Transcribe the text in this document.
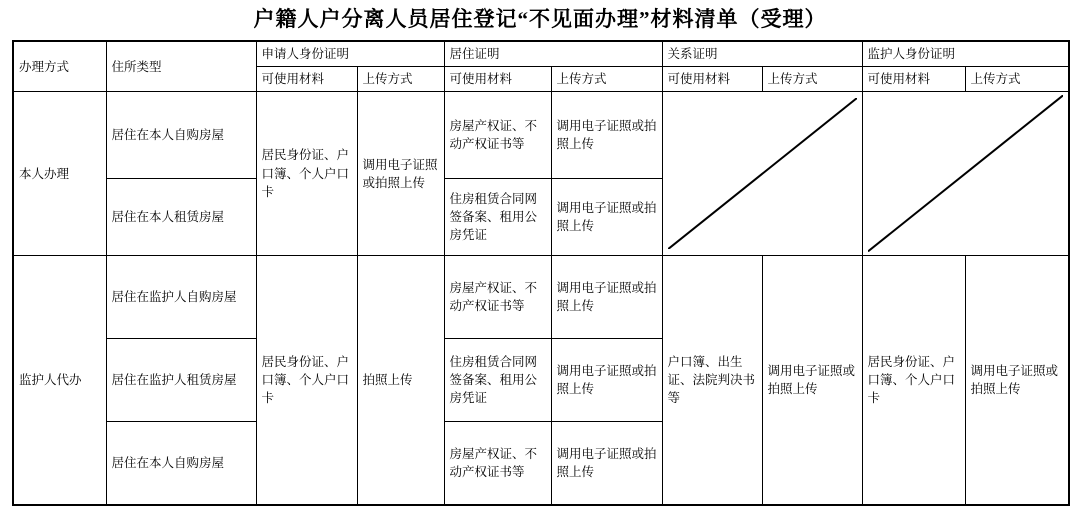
户籍人户分离人员居住登记“不见面办理”材料清单（受理）
办理方式	住所类型	申请人身份证明		居住证明		关系证明		监护人身份证明	
		可使用材料	上传方式	可使用材料	上传方式	可使用材料	上传方式	可使用材料	上传方式
本人办理	居住在本人自购房屋	居民身份证、户口簿、个人户口卡	调用电子证照或拍照上传	房屋产权证、不动产权证书等	调用电子证照或拍照上传	

	居住在本人租赁房屋			住房租赁合同网签备案、租用公房凭证	调用电子证照或拍照上传				
监护人代办	居住在监护人自购房屋	居民身份证、户口簿、个人户口卡	拍照上传	房屋产权证、不动产权证书等	调用电子证照或拍照上传	户口簿、出生证、法院判决书等	调用电子证照或拍照上传	居民身份证、户口簿、个人户口卡	调用电子证照或拍照上传
	居住在监护人租赁房屋			住房租赁合同网签备案、租用公房凭证	调用电子证照或拍照上传				
	居住在本人自购房屋			房屋产权证、不动产权证书等	调用电子证照或拍照上传				
